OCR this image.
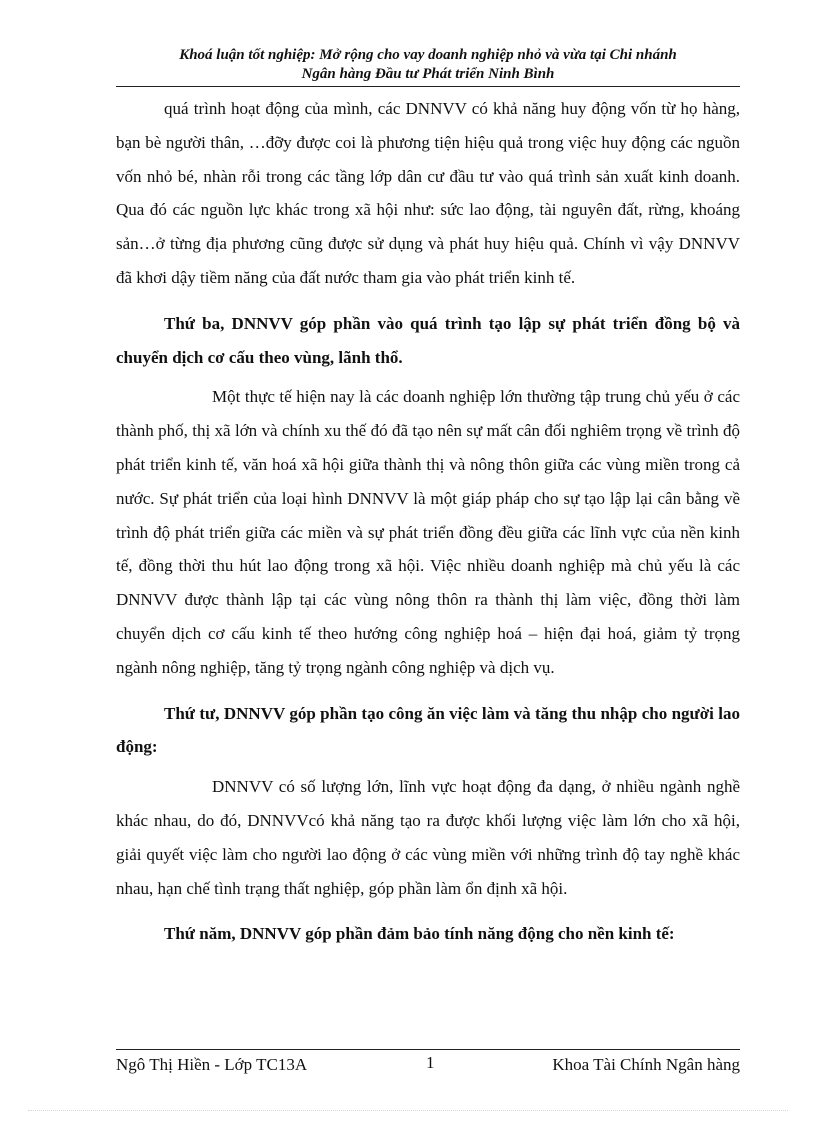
Khoá luận tốt nghiệp: Mở rộng cho vay doanh nghiệp nhỏ và vừa tại Chi nhánh
Ngân hàng Đầu tư Phát triển Ninh Bình

quá trình hoạt động của mình, các DNNVV có khả năng huy động vốn từ họ hàng, bạn bè người thân, …đỡy được coi là phương tiện hiệu quả trong việc huy động các nguồn vốn nhỏ bé, nhàn rỗi trong các tầng lớp dân cư đầu tư vào quá trình sản xuất kinh doanh. Qua đó các nguồn lực khác trong xã hội như: sức lao động, tài nguyên đất, rừng, khoáng sản…ở từng địa phương cũng được sử dụng và phát huy hiệu quả. Chính vì vậy DNNVV đã khơi dậy tiềm năng của đất nước tham gia vào phát triển kinh tế.

Thứ ba, DNNVV góp phần vào quá trình tạo lập sự phát triển đồng bộ và chuyển dịch cơ cấu theo vùng, lãnh thổ.

Một thực tế hiện nay là các doanh nghiệp lớn thường tập trung chủ yếu ở các thành phố, thị xã lớn và chính xu thế đó đã tạo nên sự mất cân đối nghiêm trọng về trình độ phát triển kinh tế, văn hoá xã hội giữa thành thị và nông thôn giữa các vùng miền trong cả nước. Sự phát triển của loại hình DNNVV là một giáp pháp cho sự tạo lập lại cân bằng về trình độ phát triển giữa các miền và sự phát triển đồng đều giữa các lĩnh vực của nền kinh tế, đồng thời thu hút lao động trong xã hội. Việc nhiều doanh nghiệp mà chủ yếu là các DNNVV được thành lập tại các vùng nông thôn ra thành thị làm việc, đồng thời làm chuyển dịch cơ cấu kinh tế theo hướng công nghiệp hoá – hiện đại hoá, giảm tỷ trọng ngành nông nghiệp, tăng tỷ trọng ngành công nghiệp và dịch vụ.

Thứ tư, DNNVV góp phần tạo công ăn việc làm và tăng thu nhập cho người lao động:

DNNVV có số lượng lớn, lĩnh vực hoạt động đa dạng, ở nhiều ngành nghề khác nhau, do đó, DNNVVcó khả năng tạo ra được khối lượng việc làm lớn cho xã hội, giải quyết việc làm cho người lao động ở các vùng miền với những trình độ tay nghề khác nhau, hạn chế tình trạng thất nghiệp, góp phần làm ổn định xã hội.

Thứ năm, DNNVV góp phần đảm bảo tính năng động cho nền kinh tế:

Ngô Thị Hiền - Lớp TC13A	1	Khoa Tài Chính Ngân hàng
